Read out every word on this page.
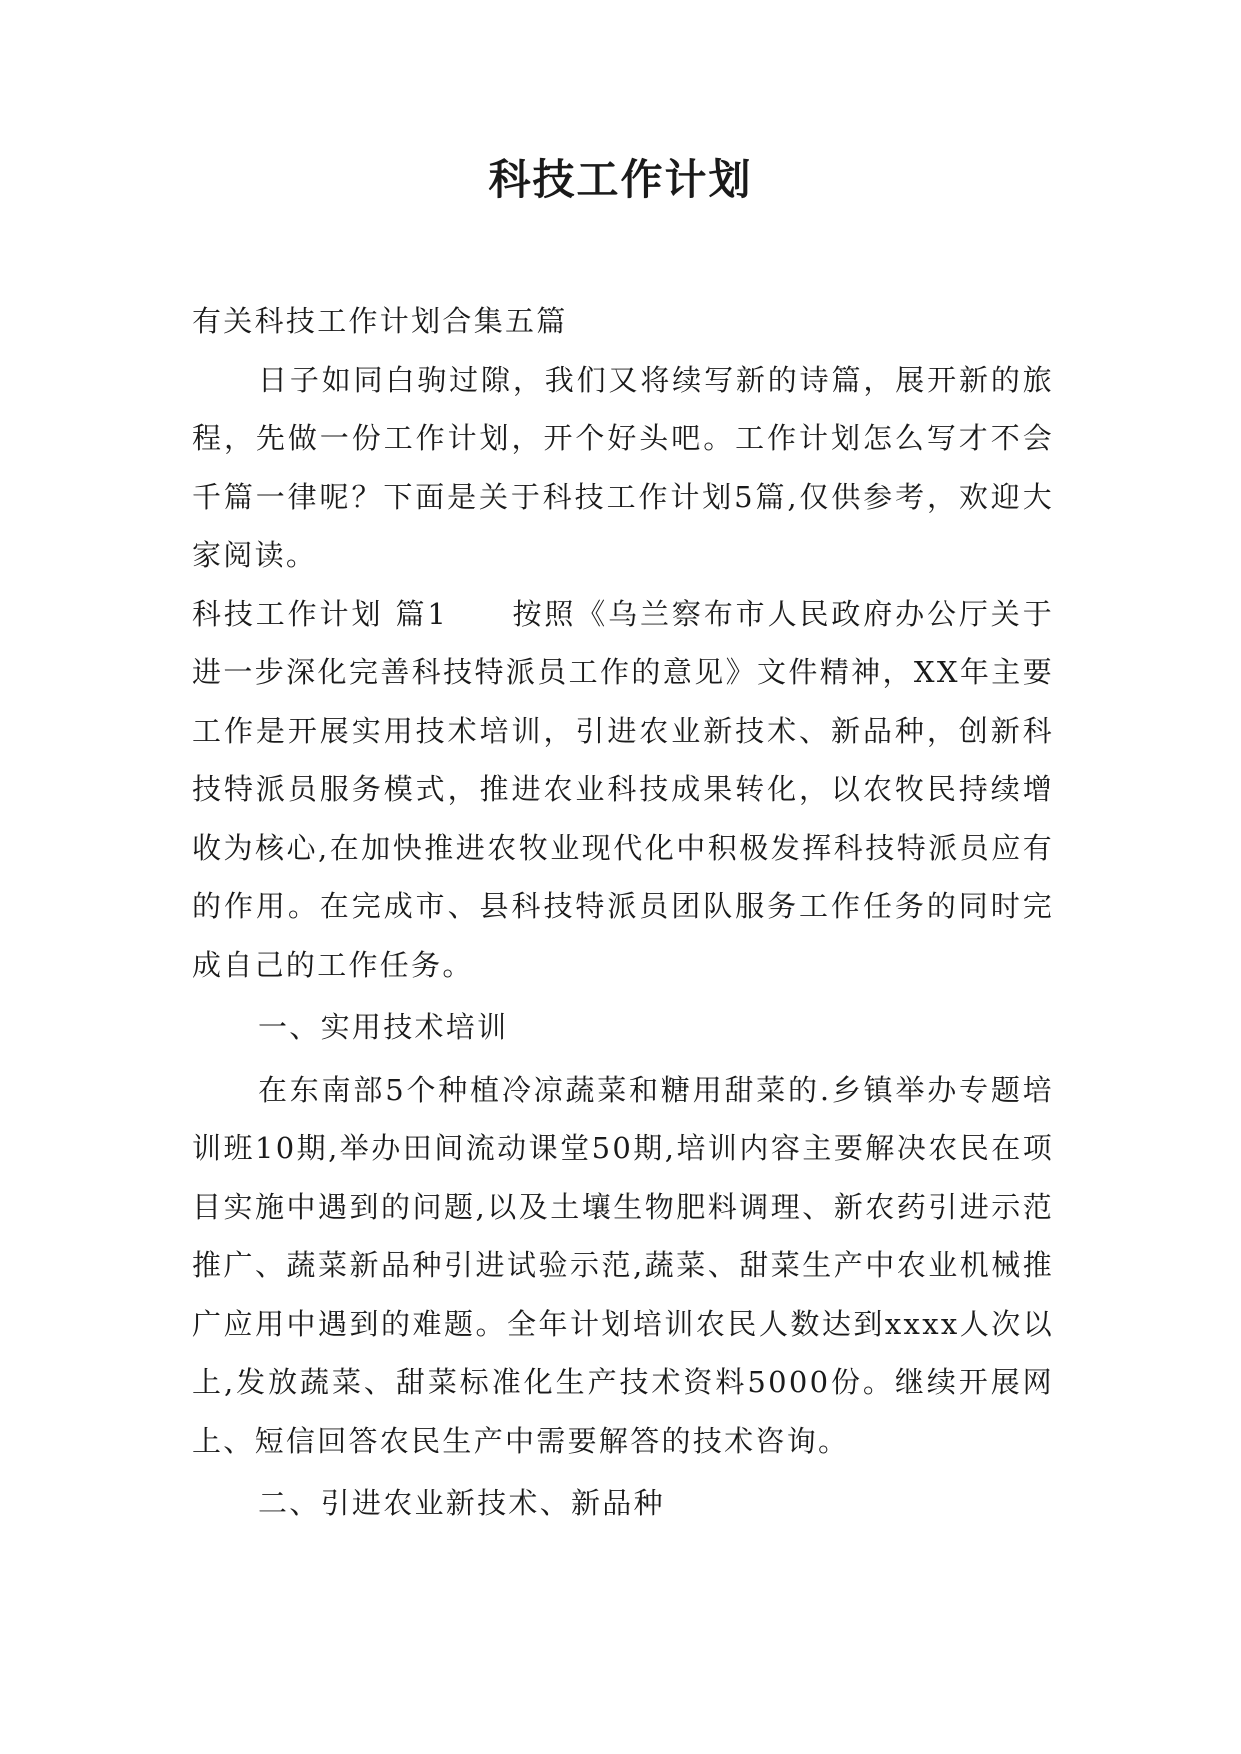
科技工作计划

有关科技工作计划合集五篇

日子如同白驹过隙，我们又将续写新的诗篇，展开新的旅程，先做一份工作计划，开个好头吧。工作计划怎么写才不会千篇一律呢？下面是关于科技工作计划5篇,仅供参考，欢迎大家阅读。

科技工作计划 篇1　　按照《乌兰察布市人民政府办公厅关于进一步深化完善科技特派员工作的意见》文件精神，XX年主要工作是开展实用技术培训，引进农业新技术、新品种，创新科技特派员服务模式，推进农业科技成果转化，以农牧民持续增收为核心,在加快推进农牧业现代化中积极发挥科技特派员应有的作用。在完成市、县科技特派员团队服务工作任务的同时完成自己的工作任务。

一、实用技术培训

在东南部5个种植冷凉蔬菜和糖用甜菜的.乡镇举办专题培训班10期,举办田间流动课堂50期,培训内容主要解决农民在项目实施中遇到的问题,以及土壤生物肥料调理、新农药引进示范推广、蔬菜新品种引进试验示范,蔬菜、甜菜生产中农业机械推广应用中遇到的难题。全年计划培训农民人数达到xxxx人次以上,发放蔬菜、甜菜标准化生产技术资料5000份。继续开展网上、短信回答农民生产中需要解答的技术咨询。

二、引进农业新技术、新品种
